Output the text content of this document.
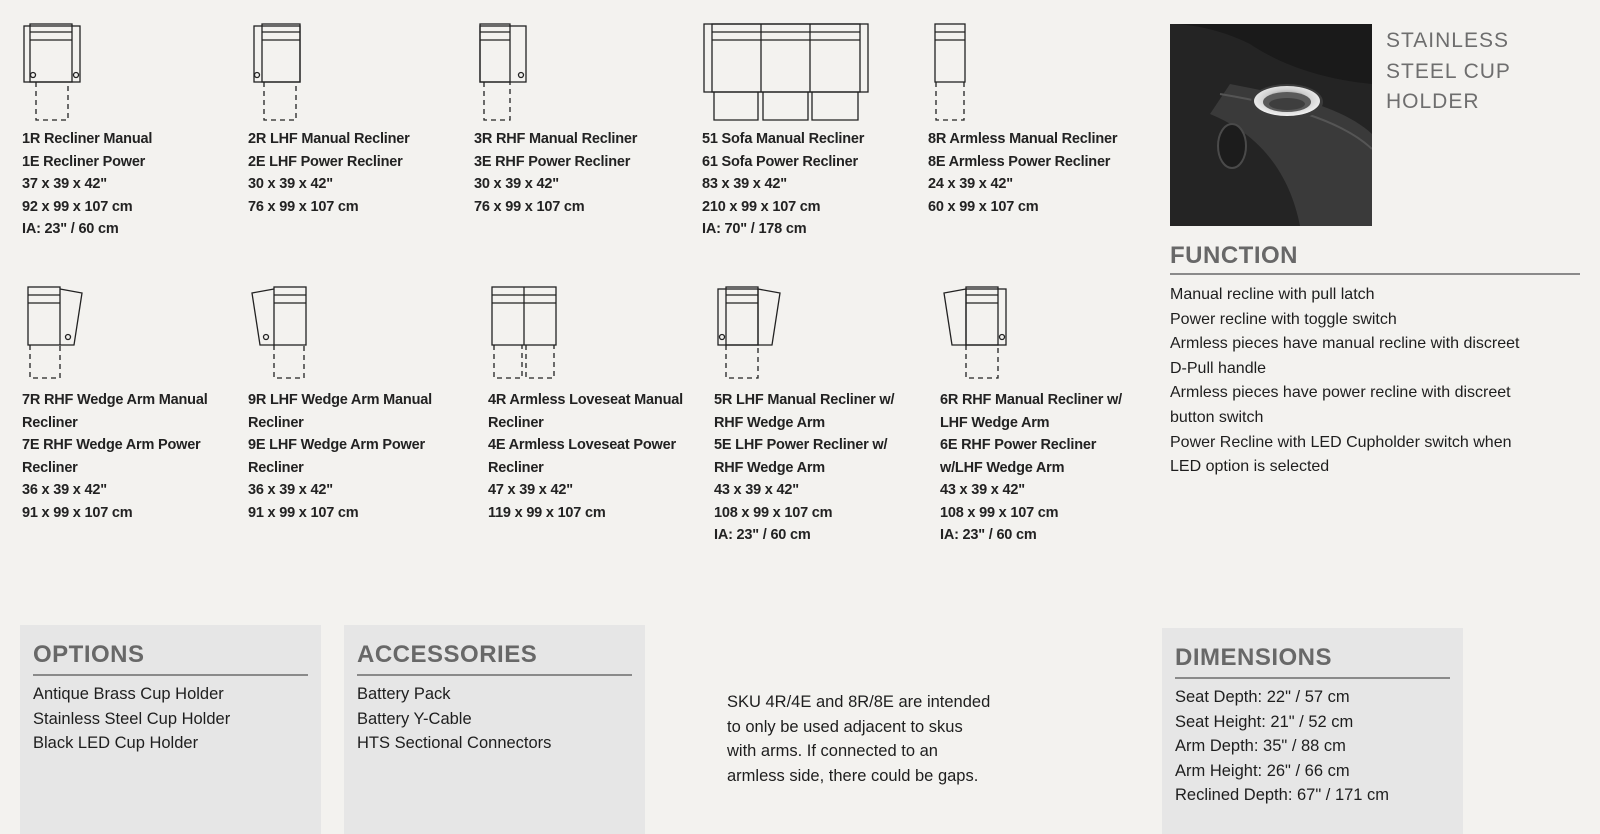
1R Recliner Manual
1E Recliner Power
37 x 39 x 42"
92 x 99 x 107 cm
IA: 23" / 60 cm
2R LHF Manual Recliner
2E LHF Power Recliner
30 x 39 x 42"
76 x 99 x 107 cm
3R RHF Manual Recliner
3E RHF Power Recliner
30 x 39 x 42"
76 x 99 x 107 cm
51 Sofa Manual Recliner
61 Sofa Power Recliner
83 x 39 x 42"
210 x 99 x 107 cm
IA: 70" / 178 cm
8R Armless Manual Recliner
8E Armless Power Recliner
24 x 39 x 42"
60 x 99 x 107 cm
7R RHF Wedge Arm Manual
Recliner
7E RHF Wedge Arm Power
Recliner
36 x 39 x 42"
91 x 99 x 107 cm
9R LHF Wedge Arm Manual
Recliner
9E LHF Wedge Arm Power
Recliner
36 x 39 x 42"
91 x 99 x 107 cm
4R Armless Loveseat Manual
Recliner
4E Armless Loveseat Power
Recliner
47 x 39 x 42"
119 x 99 x 107 cm
5R LHF Manual Recliner w/
RHF Wedge Arm
5E LHF Power Recliner w/
RHF Wedge Arm
43 x 39 x 42"
108 x 99 x 107 cm
IA: 23" / 60 cm
6R RHF Manual Recliner w/
LHF Wedge Arm
6E RHF Power Recliner
w/LHF Wedge Arm
43 x 39 x 42"
108 x 99 x 107 cm
IA: 23" / 60 cm
STAINLESS
STEEL CUP
HOLDER
FUNCTION
Manual recline with pull latch
Power recline with toggle switch
Armless pieces have manual recline with discreet
D-Pull handle
Armless pieces have power recline with discreet
button switch
Power Recline with LED Cupholder switch when
LED option is selected
OPTIONS
Antique Brass Cup Holder
Stainless Steel Cup Holder
Black LED Cup Holder
ACCESSORIES
Battery Pack
Battery Y-Cable
HTS Sectional Connectors
SKU 4R/4E and 8R/8E are intended
to only be used adjacent to skus
with arms. If connected to an
armless side, there could be gaps.
DIMENSIONS
Seat Depth: 22" / 57 cm
Seat Height: 21" / 52 cm
Arm Depth: 35" / 88 cm
Arm Height: 26" / 66 cm
Reclined Depth: 67" / 171 cm
